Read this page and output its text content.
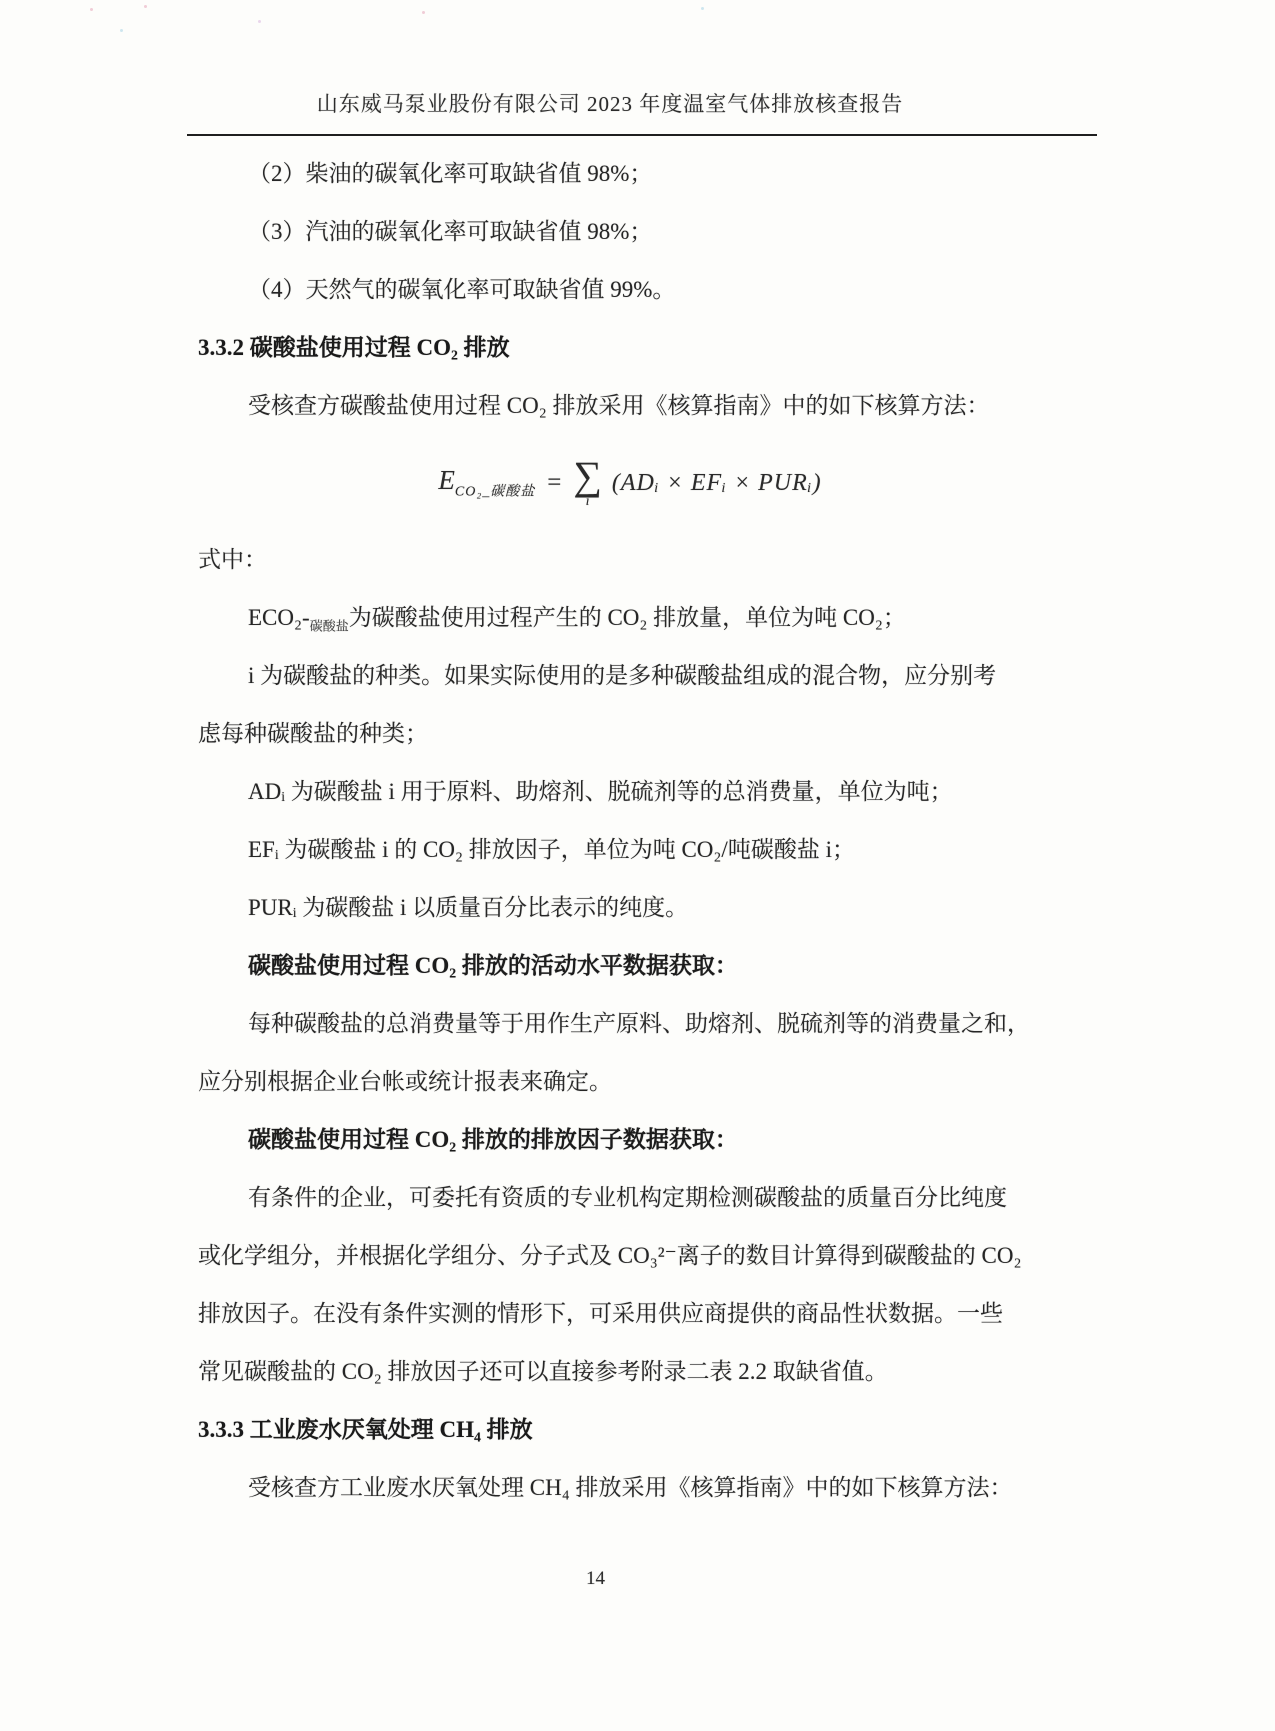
山东威马泵业股份有限公司 2023 年度温室气体排放核查报告
（2）柴油的碳氧化率可取缺省值 98%；
（3）汽油的碳氧化率可取缺省值 98%；
（4）天然气的碳氧化率可取缺省值 99%。
3.3.2 碳酸盐使用过程 CO₂ 排放
受核查方碳酸盐使用过程 CO₂ 排放采用《核算指南》中的如下核算方法：
$E_{CO_2\_碳酸盐}$ = ∑
i
(ADᵢ × EFᵢ × PURᵢ)
式中：
ECO₂-$_{碳酸盐}$为碳酸盐使用过程产生的 CO₂ 排放量，单位为吨 CO₂；
i 为碳酸盐的种类。如果实际使用的是多种碳酸盐组成的混合物，应分别考
虑每种碳酸盐的种类；
ADᵢ 为碳酸盐 i 用于原料、助熔剂、脱硫剂等的总消费量，单位为吨；
EFᵢ 为碳酸盐 i 的 CO₂ 排放因子，单位为吨 CO₂/吨碳酸盐 i；
PURᵢ 为碳酸盐 i 以质量百分比表示的纯度。
碳酸盐使用过程 CO₂ 排放的活动水平数据获取：
每种碳酸盐的总消费量等于用作生产原料、助熔剂、脱硫剂等的消费量之和，
应分别根据企业台帐或统计报表来确定。
碳酸盐使用过程 CO₂ 排放的排放因子数据获取：
有条件的企业，可委托有资质的专业机构定期检测碳酸盐的质量百分比纯度
或化学组分，并根据化学组分、分子式及 CO₃²⁻离子的数目计算得到碳酸盐的 CO₂
排放因子。在没有条件实测的情形下，可采用供应商提供的商品性状数据。一些
常见碳酸盐的 CO₂ 排放因子还可以直接参考附录二表 2.2 取缺省值。
3.3.3 工业废水厌氧处理 CH₄ 排放
受核查方工业废水厌氧处理 CH₄ 排放采用《核算指南》中的如下核算方法：
14
